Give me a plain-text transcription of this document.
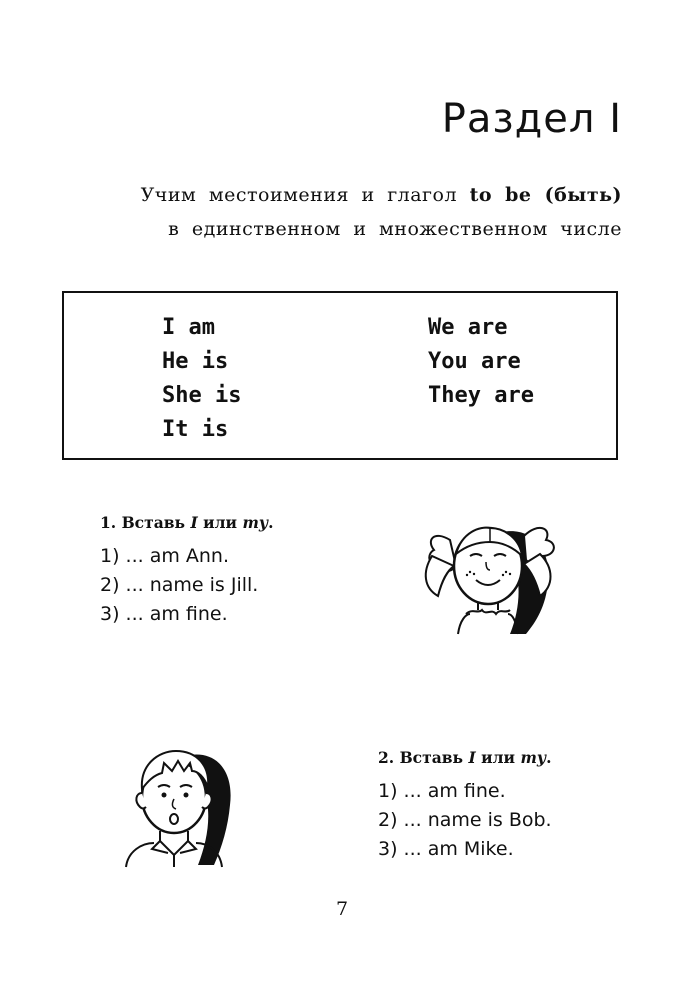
Раздел I
Учим местоимения и глагол to be (быть)
в единственном и множественном числе
I am
He is
She is
It is
We are
You are
They are
1. Вставь I или ту.
1) ... am Ann.
2) ... name is Jill.
3) ... am fine.
2. Вставь I или ту.
1) ... am fine.
2) ... name is Bob.
3) ... am Mike.
7
